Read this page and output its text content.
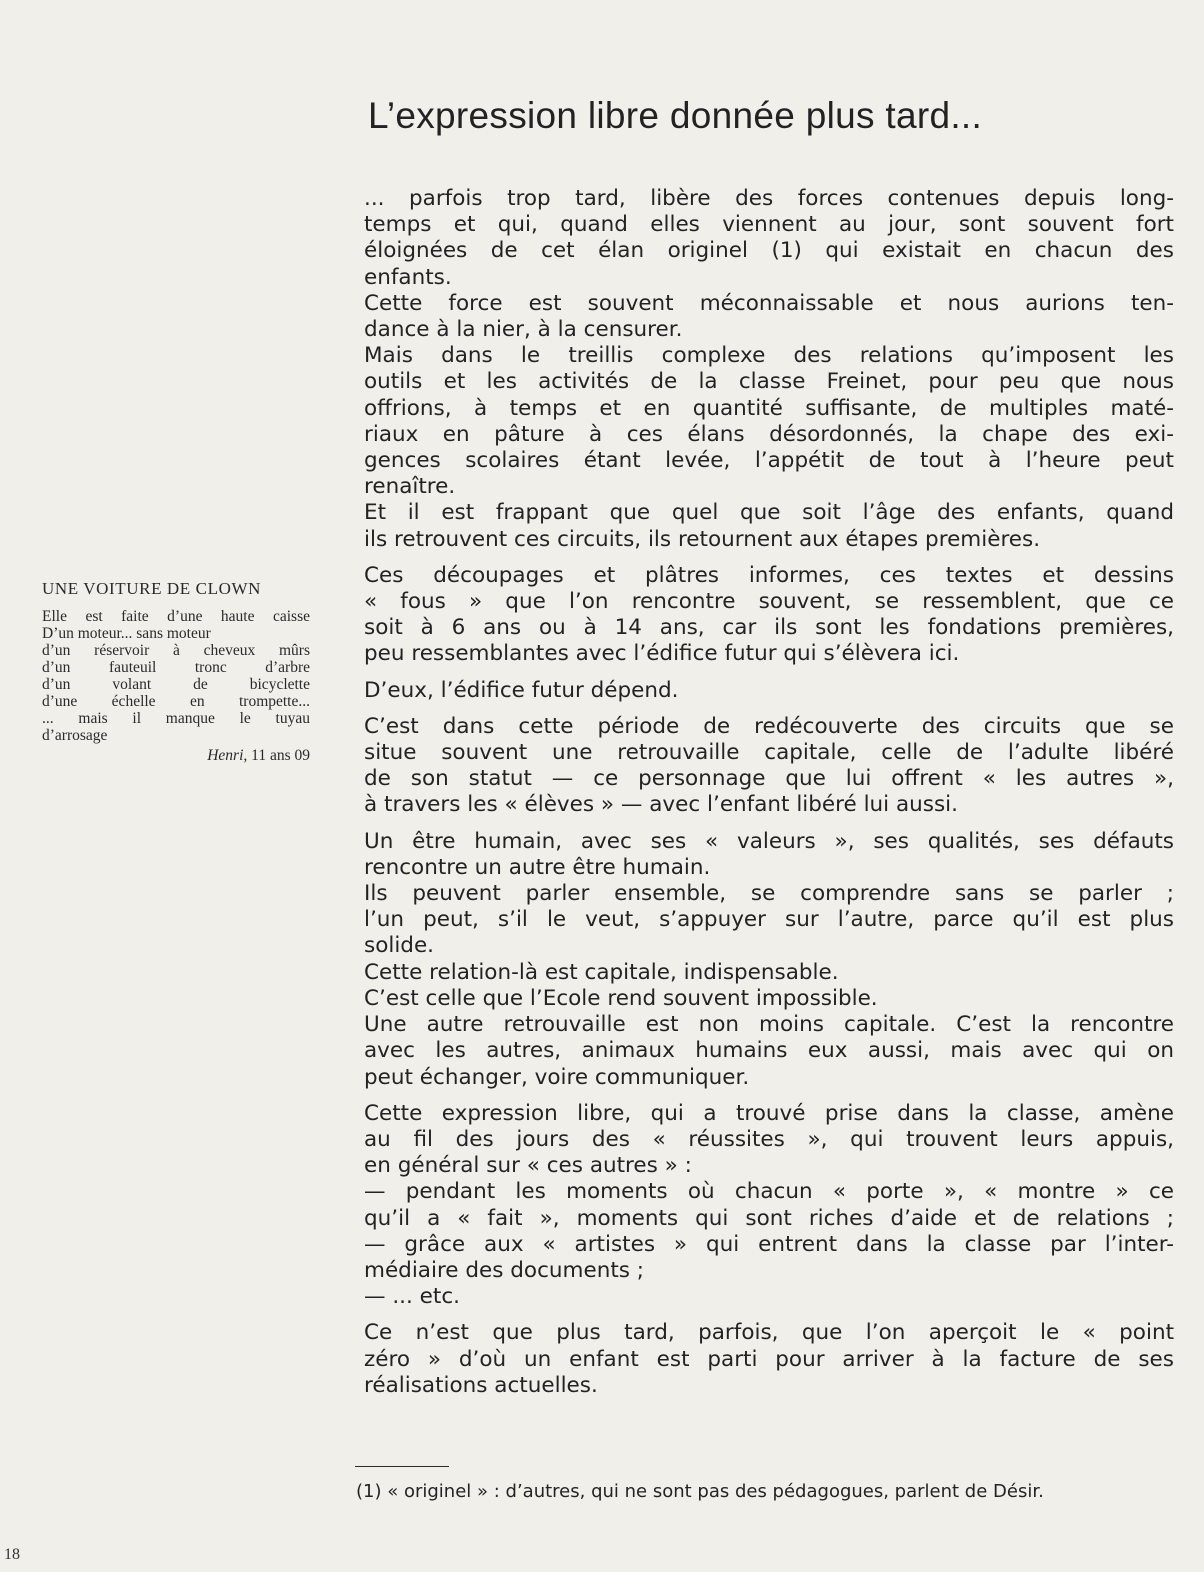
L’expression libre donnée plus tard...
... parfois trop tard, libère des forces contenues depuis long-
temps et qui, quand elles viennent au jour, sont souvent fort
éloignées de cet élan originel (1) qui existait en chacun des
enfants.
Cette force est souvent méconnaissable et nous aurions ten-
dance à la nier, à la censurer.
Mais dans le treillis complexe des relations qu’imposent les
outils et les activités de la classe Freinet, pour peu que nous
offrions, à temps et en quantité suffisante, de multiples maté-
riaux en pâture à ces élans désordonnés, la chape des exi-
gences scolaires étant levée, l’appétit de tout à l’heure peut
renaître.
Et il est frappant que quel que soit l’âge des enfants, quand
ils retrouvent ces circuits, ils retournent aux étapes premières.
Ces découpages et plâtres informes, ces textes et dessins
« fous » que l’on rencontre souvent, se ressemblent, que ce
soit à 6 ans ou à 14 ans, car ils sont les fondations premières,
peu ressemblantes avec l’édifice futur qui s’élèvera ici.
D’eux, l’édifice futur dépend.
C’est dans cette période de redécouverte des circuits que se
situe souvent une retrouvaille capitale, celle de l’adulte libéré
de son statut — ce personnage que lui offrent « les autres »,
à travers les « élèves » — avec l’enfant libéré lui aussi.
Un être humain, avec ses « valeurs », ses qualités, ses défauts
rencontre un autre être humain.
Ils peuvent parler ensemble, se comprendre sans se parler ;
l’un peut, s’il le veut, s’appuyer sur l’autre, parce qu’il est plus
solide.
Cette relation-là est capitale, indispensable.
C’est celle que l’Ecole rend souvent impossible.
Une autre retrouvaille est non moins capitale. C’est la rencontre
avec les autres, animaux humains eux aussi, mais avec qui on
peut échanger, voire communiquer.
Cette expression libre, qui a trouvé prise dans la classe, amène
au fil des jours des « réussites », qui trouvent leurs appuis,
en général sur « ces autres » :
— pendant les moments où chacun « porte », « montre » ce
qu’il a « fait », moments qui sont riches d’aide et de relations ;
— grâce aux « artistes » qui entrent dans la classe par l’inter-
médiaire des documents ;
— ... etc.
Ce n’est que plus tard, parfois, que l’on aperçoit le « point
zéro » d’où un enfant est parti pour arriver à la facture de ses
réalisations actuelles.
UNE VOITURE DE CLOWN
Elle est faite d’une haute caisse
D’un moteur... sans moteur
d’un réservoir à cheveux mûrs
d’un fauteuil tronc d’arbre
d’un volant de bicyclette
d’une échelle en trompette...
... mais il manque le tuyau
d’arrosage
Henri, 11 ans 09
(1) « originel » : d’autres, qui ne sont pas des pédagogues, parlent de Désir.
18
